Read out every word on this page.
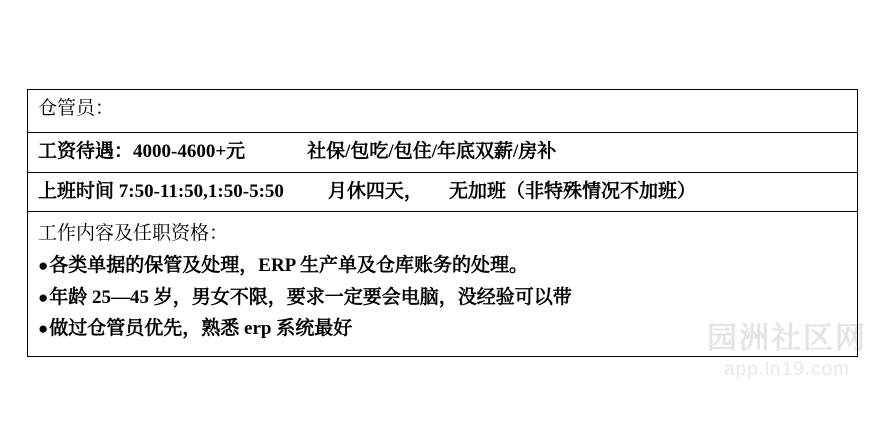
园洲社区网
app.ln19.com
仓管员：

工资待遇：4000-4600+元	社保/包吃/包住/年底双薪/房补

上班时间 7:50-11:50,1:50-5:50 月休四天， 无加班（非特殊情况不加班）

工作内容及任职资格：
●各类单据的保管及处理，ERP 生产单及仓库账务的处理。
●年龄 25—45 岁，男女不限，要求一定要会电脑，没经验可以带
●做过仓管员优先，熟悉 erp 系统最好
